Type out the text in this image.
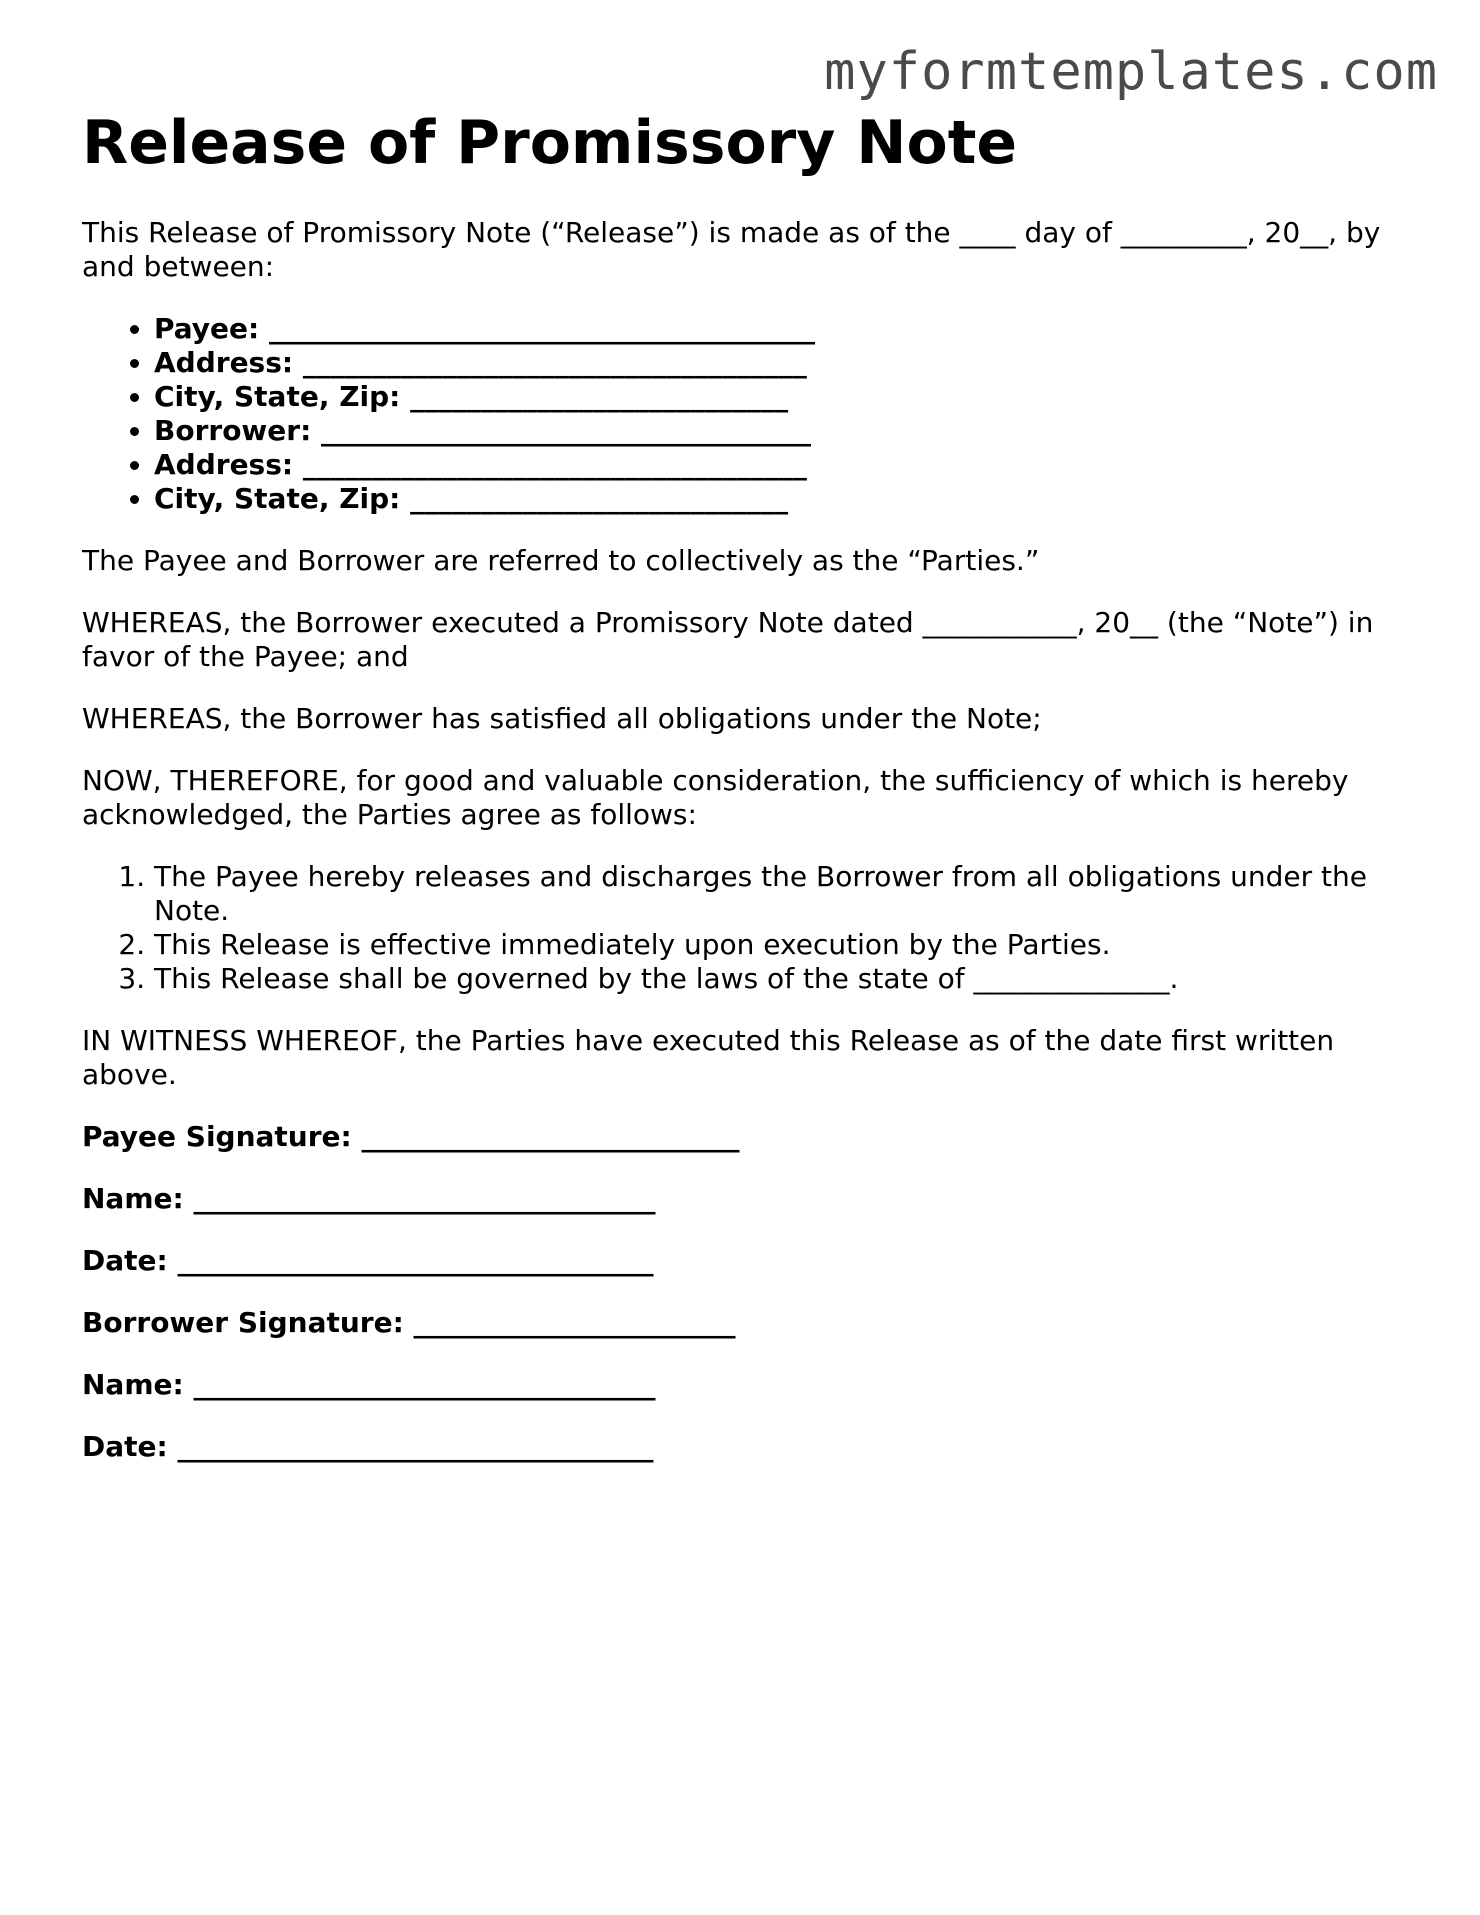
myformtemplates.com
Release of Promissory Note

This Release of Promissory Note (“Release”) is made as of the ____ day of _________, 20__, by and between:

• Payee: _______________________________________
• Address: ____________________________________
• City, State, Zip: ___________________________
• Borrower: ___________________________________
• Address: ____________________________________
• City, State, Zip: ___________________________

The Payee and Borrower are referred to collectively as the “Parties.”

WHEREAS, the Borrower executed a Promissory Note dated ___________, 20__ (the “Note”) in favor of the Payee; and

WHEREAS, the Borrower has satisfied all obligations under the Note;

NOW, THEREFORE, for good and valuable consideration, the sufficiency of which is hereby acknowledged, the Parties agree as follows:

1. The Payee hereby releases and discharges the Borrower from all obligations under the Note.
2. This Release is effective immediately upon execution by the Parties.
3. This Release shall be governed by the laws of the state of ______________.

IN WITNESS WHEREOF, the Parties have executed this Release as of the date first written above.

Payee Signature: ___________________________
Name: _________________________________
Date: __________________________________
Borrower Signature: _______________________
Name: _________________________________
Date: __________________________________
